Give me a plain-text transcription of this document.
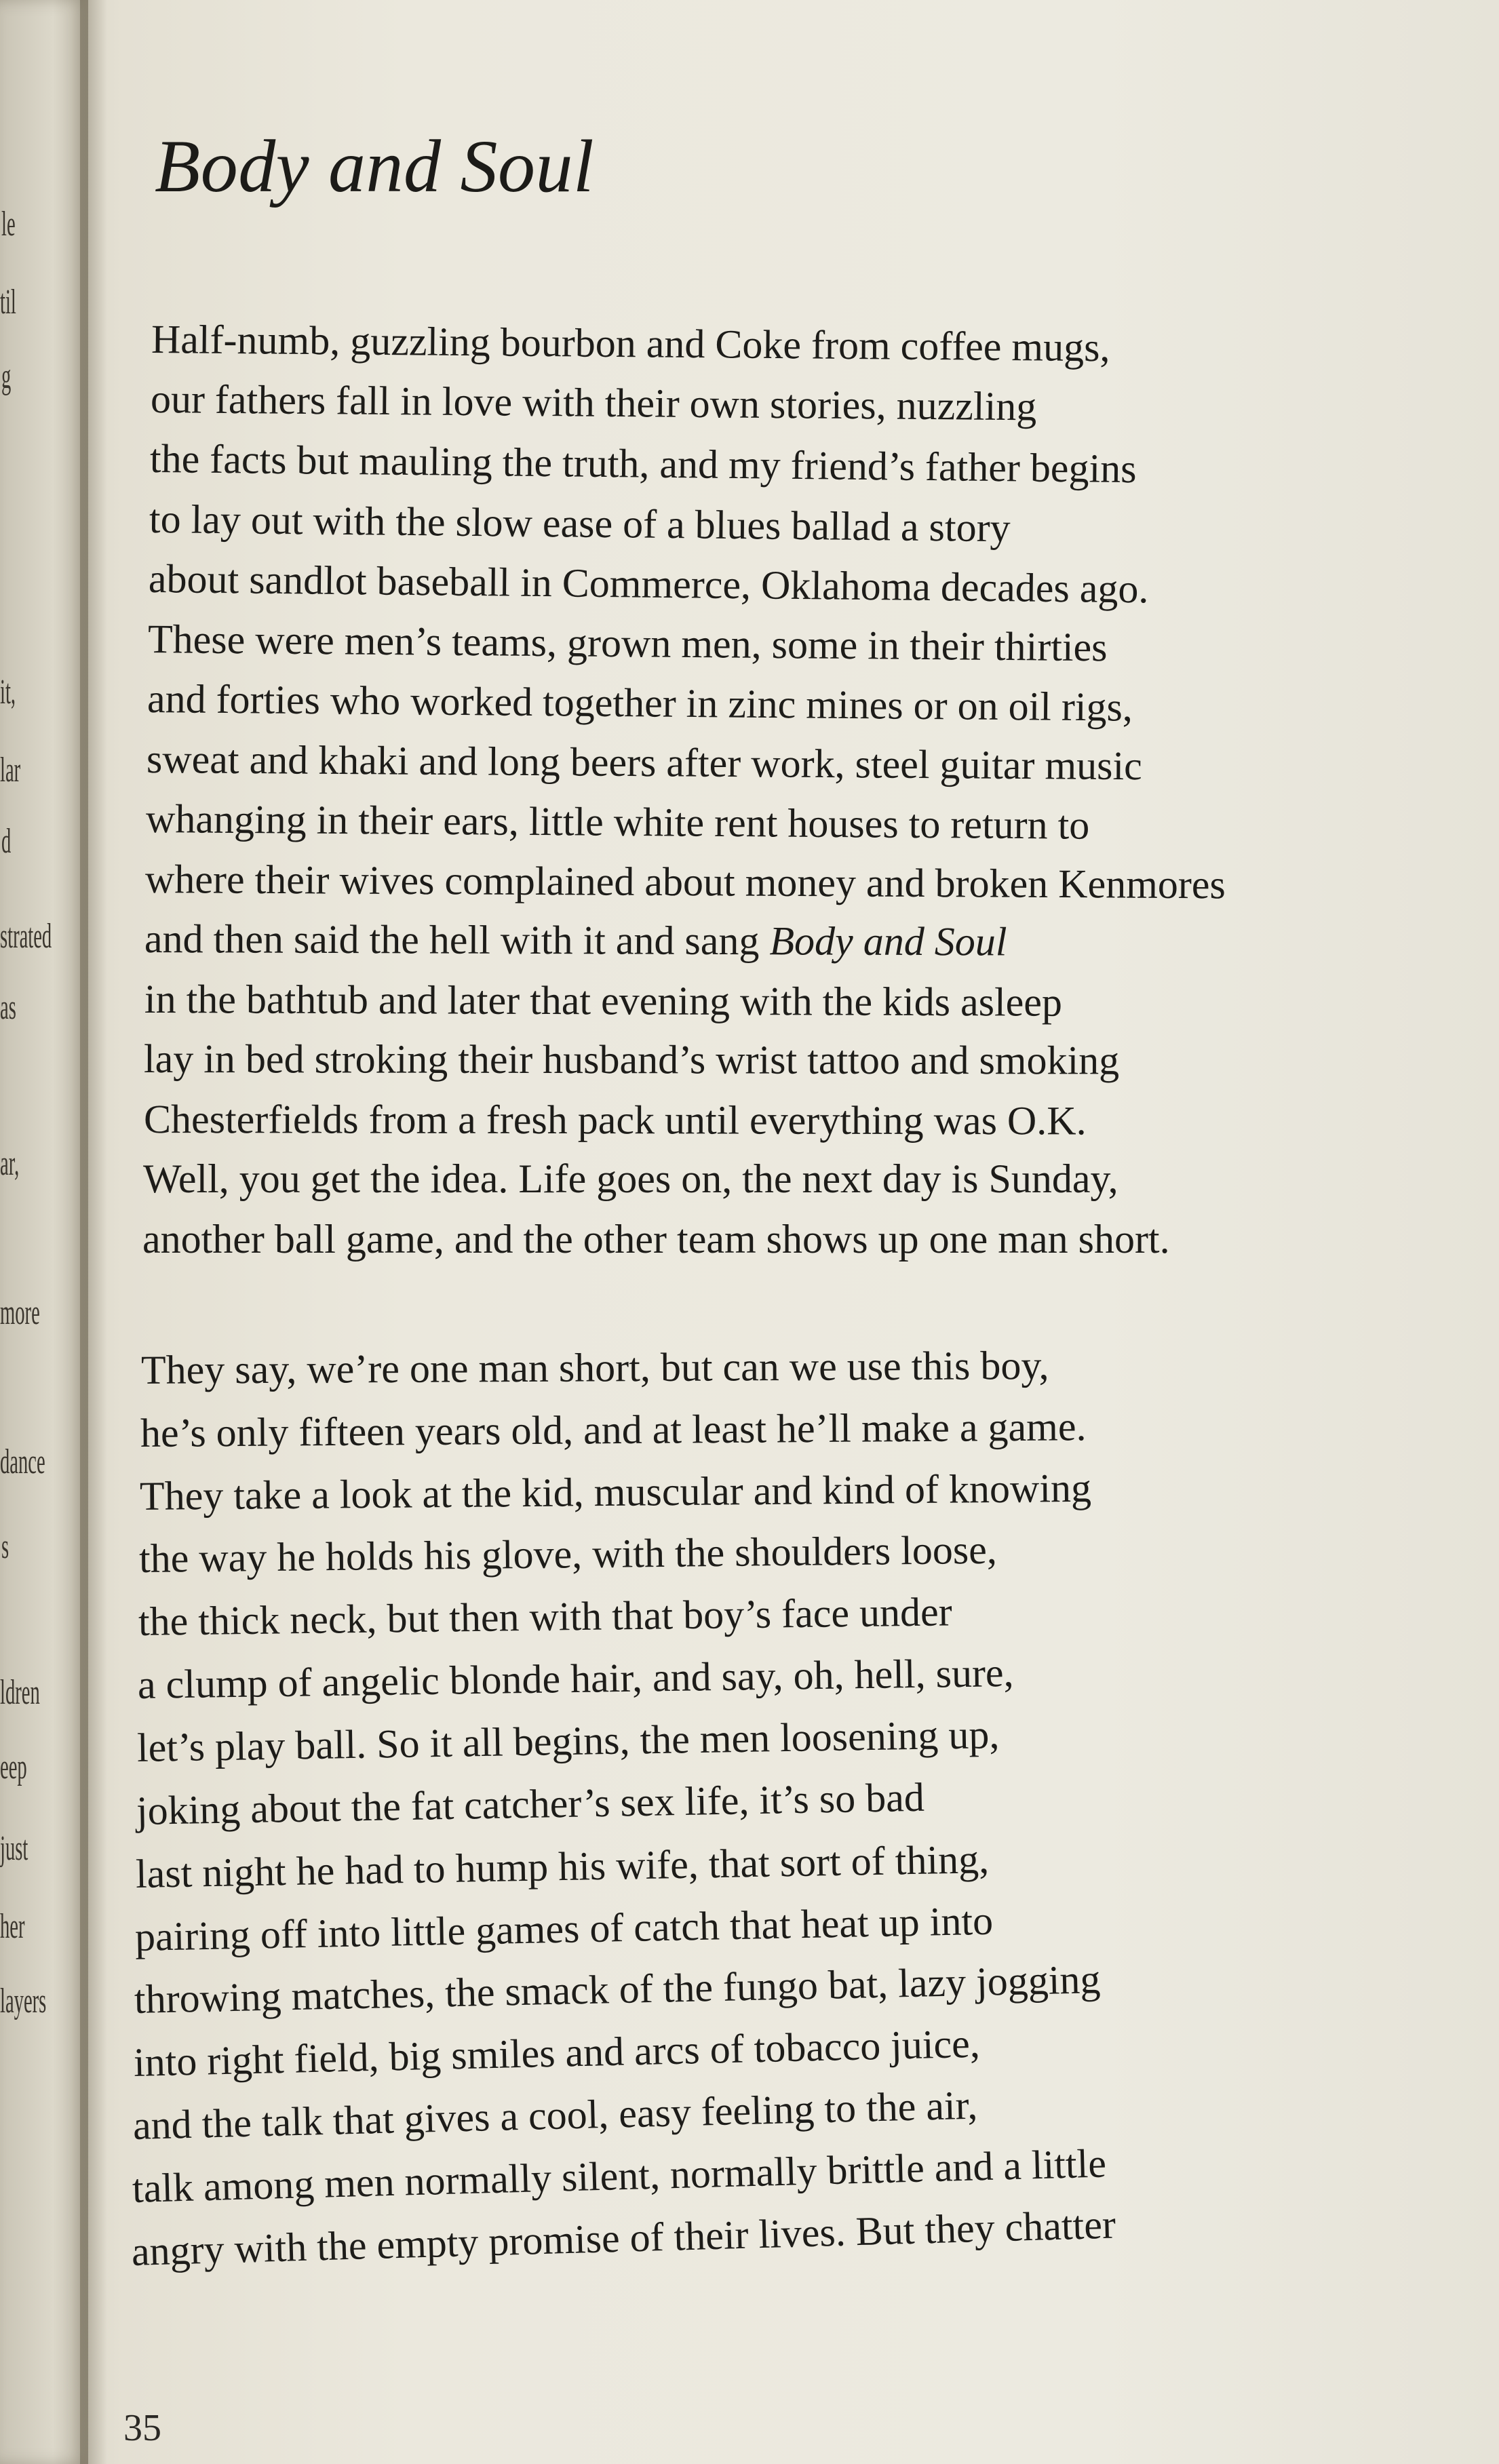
le
til
g
it,
lar
d
strated
as
ar,
more
dance
s
ldren
eep
just
her
layers
Body and Soul
Half-numb, guzzling bourbon and Coke from coffee mugs,
our fathers fall in love with their own stories, nuzzling
the facts but mauling the truth, and my friend’s father begins
to lay out with the slow ease of a blues ballad a story
about sandlot baseball in Commerce, Oklahoma decades ago.
These were men’s teams, grown men, some in their thirties
and forties who worked together in zinc mines or on oil rigs,
sweat and khaki and long beers after work, steel guitar music
whanging in their ears, little white rent houses to return to
where their wives complained about money and broken Kenmores
and then said the hell with it and sang Body and Soul
in the bathtub and later that evening with the kids asleep
lay in bed stroking their husband’s wrist tattoo and smoking
Chesterfields from a fresh pack until everything was O.K.
Well, you get the idea. Life goes on, the next day is Sunday,
another ball game, and the other team shows up one man short.
They say, we’re one man short, but can we use this boy,
he’s only fifteen years old, and at least he’ll make a game.
They take a look at the kid, muscular and kind of knowing
the way he holds his glove, with the shoulders loose,
the thick neck, but then with that boy’s face under
a clump of angelic blonde hair, and say, oh, hell, sure,
let’s play ball. So it all begins, the men loosening up,
joking about the fat catcher’s sex life, it’s so bad
last night he had to hump his wife, that sort of thing,
pairing off into little games of catch that heat up into
throwing matches, the smack of the fungo bat, lazy jogging
into right field, big smiles and arcs of tobacco juice,
and the talk that gives a cool, easy feeling to the air,
talk among men normally silent, normally brittle and a little
angry with the empty promise of their lives. But they chatter
35
